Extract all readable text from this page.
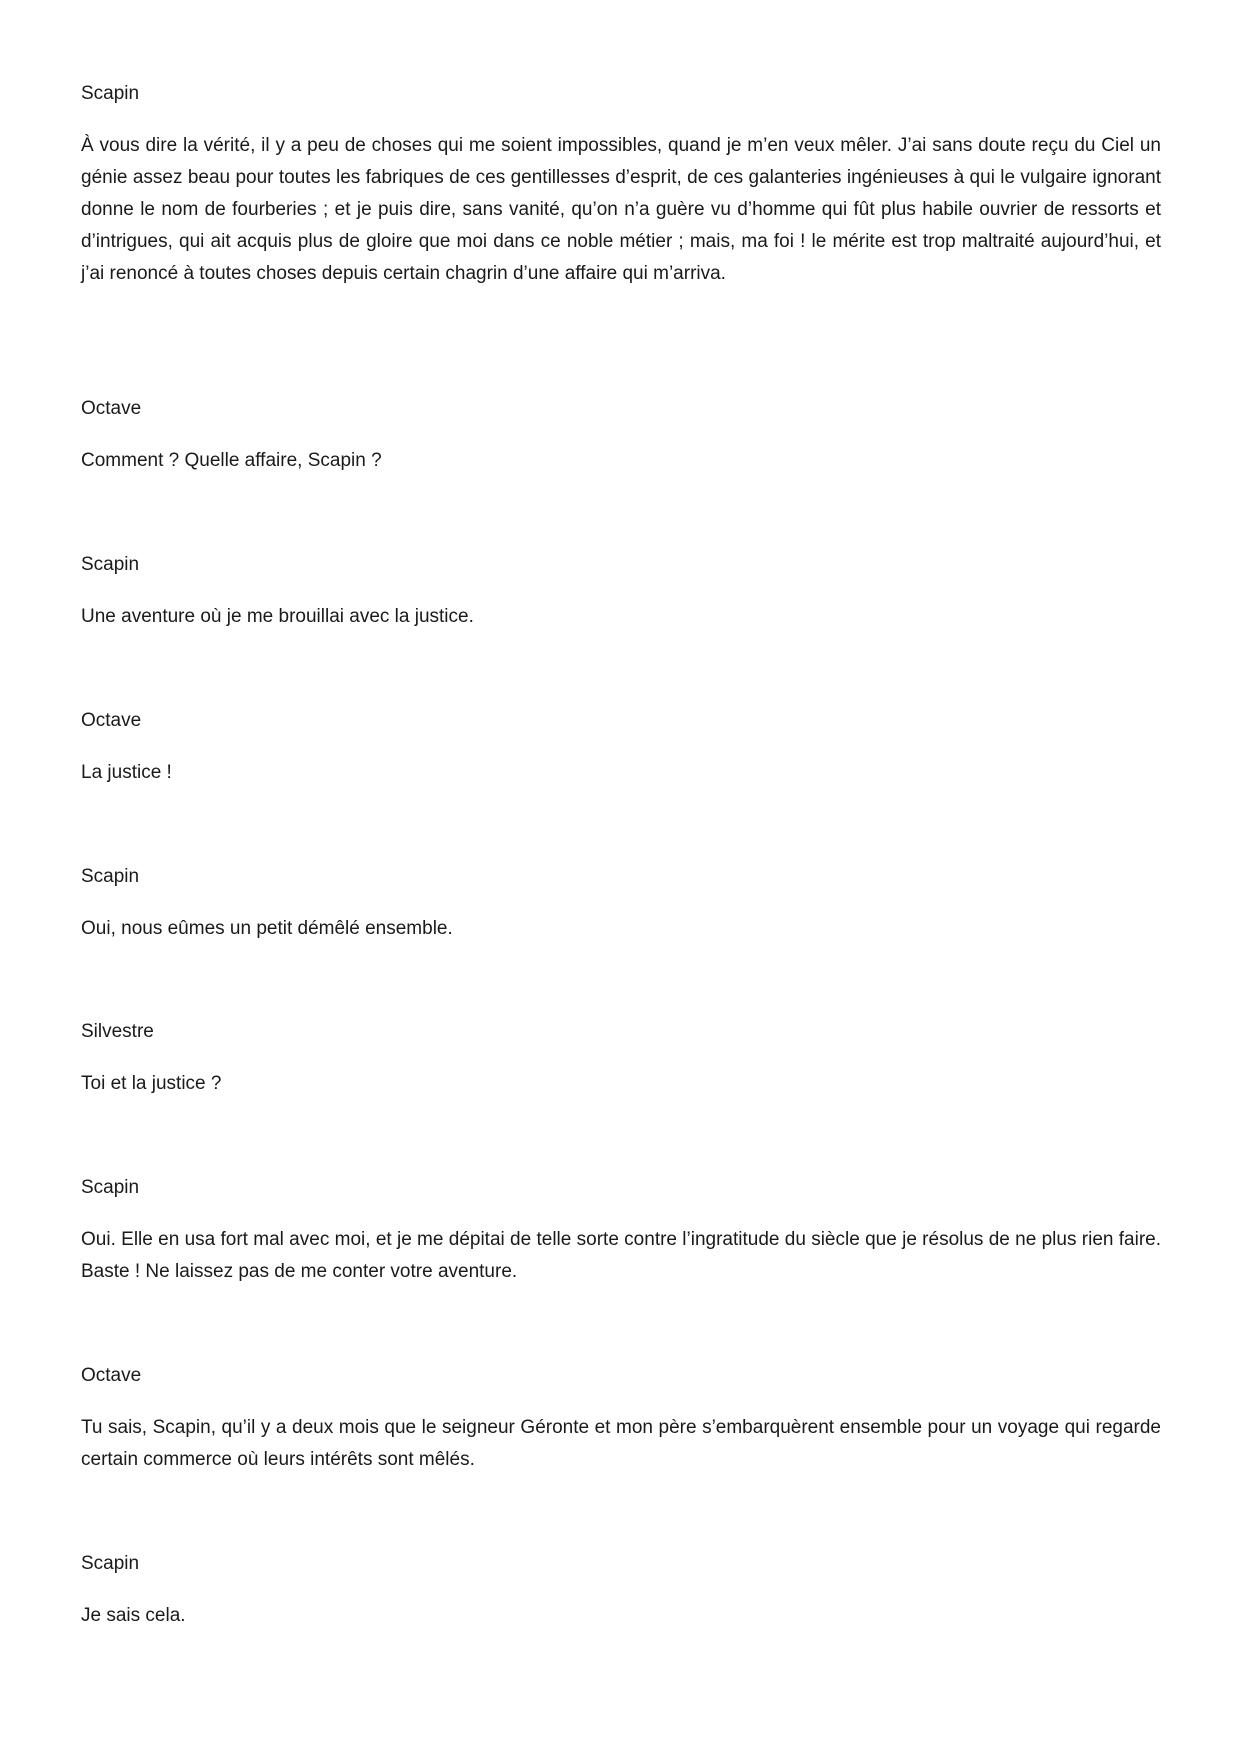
Scapin

À vous dire la vérité, il y a peu de choses qui me soient impossibles, quand je m’en veux mêler. J’ai sans doute reçu du Ciel un génie assez beau pour toutes les fabriques de ces gentillesses d’esprit, de ces galanteries ingénieuses à qui le vulgaire ignorant donne le nom de fourberies ; et je puis dire, sans vanité, qu’on n’a guère vu d’homme qui fût plus habile ouvrier de ressorts et d’intrigues, qui ait acquis plus de gloire que moi dans ce noble métier ; mais, ma foi ! le mérite est trop maltraité aujourd’hui, et j’ai renoncé à toutes choses depuis certain chagrin d’une affaire qui m’arriva.

Octave

Comment ? Quelle affaire, Scapin ?

Scapin

Une aventure où je me brouillai avec la justice.

Octave

La justice !

Scapin

Oui, nous eûmes un petit démêlé ensemble.

Silvestre

Toi et la justice ?

Scapin

Oui. Elle en usa fort mal avec moi, et je me dépitai de telle sorte contre l’ingratitude du siècle que je résolus de ne plus rien faire. Baste ! Ne laissez pas de me conter votre aventure.

Octave

Tu sais, Scapin, qu’il y a deux mois que le seigneur Géronte et mon père s’embarquèrent ensemble pour un voyage qui regarde certain commerce où leurs intérêts sont mêlés.

Scapin

Je sais cela.
